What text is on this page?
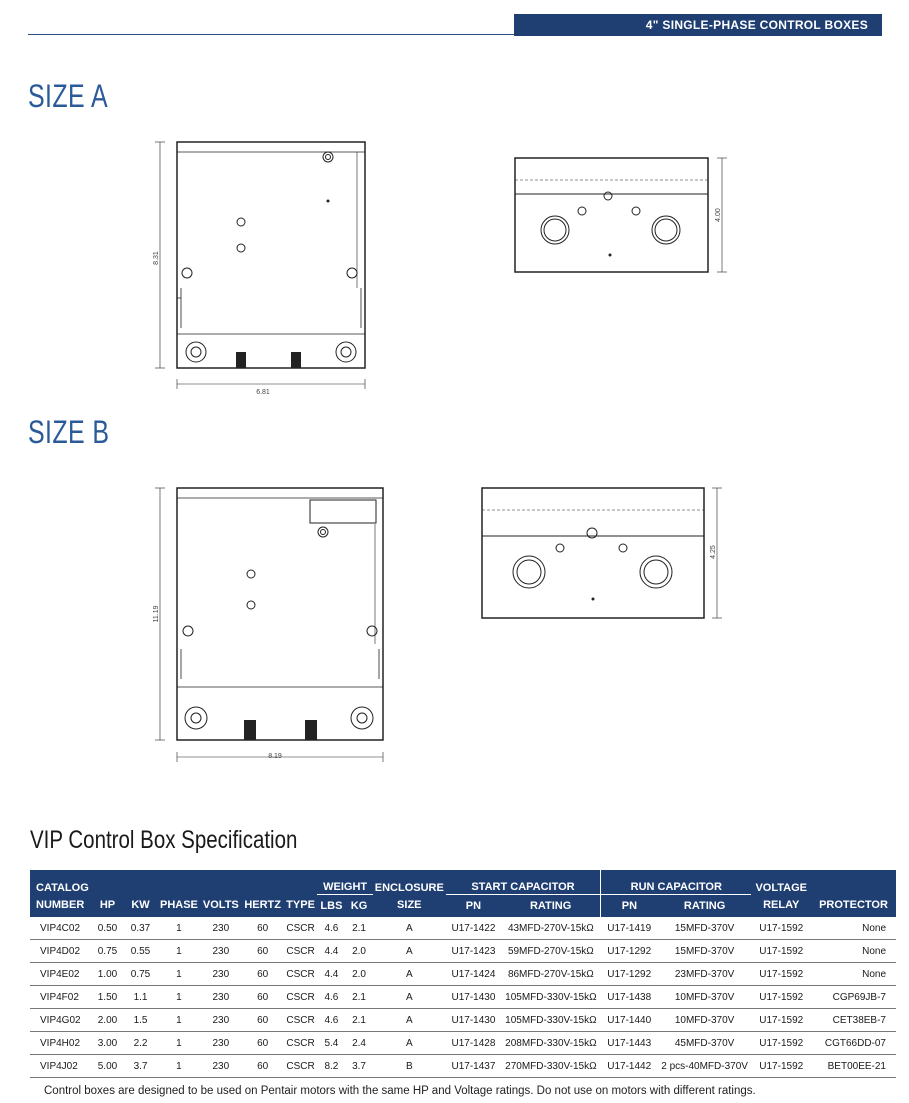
4" SINGLE-PHASE CONTROL BOXES
SIZE A
8.31
6.81
4.00
SIZE B
11.19
8.19
4.25
VIP Control Box Specification
CATALOG							WEIGHT		ENCLOSURE	START CAPACITOR		RUN CAPACITOR		VOLTAGE	
NUMBER	HP	KW	PHASE	VOLTS	HERTZ	TYPE	LBS	KG	SIZE	PN	RATING	PN	RATING	RELAY	PROTECTOR
VIP4C02	0.50	0.37	1	230	60	CSCR	4.6	2.1	A	U17-1422	43MFD-270V-15kΩ	U17-1419	15MFD-370V	U17-1592	None
VIP4D02	0.75	0.55	1	230	60	CSCR	4.4	2.0	A	U17-1423	59MFD-270V-15kΩ	U17-1292	15MFD-370V	U17-1592	None
VIP4E02	1.00	0.75	1	230	60	CSCR	4.4	2.0	A	U17-1424	86MFD-270V-15kΩ	U17-1292	23MFD-370V	U17-1592	None
VIP4F02	1.50	1.1	1	230	60	CSCR	4.6	2.1	A	U17-1430	105MFD-330V-15kΩ	U17-1438	10MFD-370V	U17-1592	CGP69JB-7
VIP4G02	2.00	1.5	1	230	60	CSCR	4.6	2.1	A	U17-1430	105MFD-330V-15kΩ	U17-1440	10MFD-370V	U17-1592	CET38EB-7
VIP4H02	3.00	2.2	1	230	60	CSCR	5.4	2.4	A	U17-1428	208MFD-330V-15kΩ	U17-1443	45MFD-370V	U17-1592	CGT66DD-07
VIP4J02	5.00	3.7	1	230	60	CSCR	8.2	3.7	B	U17-1437	270MFD-330V-15kΩ	U17-1442	2 pcs-40MFD-370V	U17-1592	BET00EE-21
Control boxes are designed to be used on Pentair motors with the same HP and Voltage ratings. Do not use on motors with different ratings.
